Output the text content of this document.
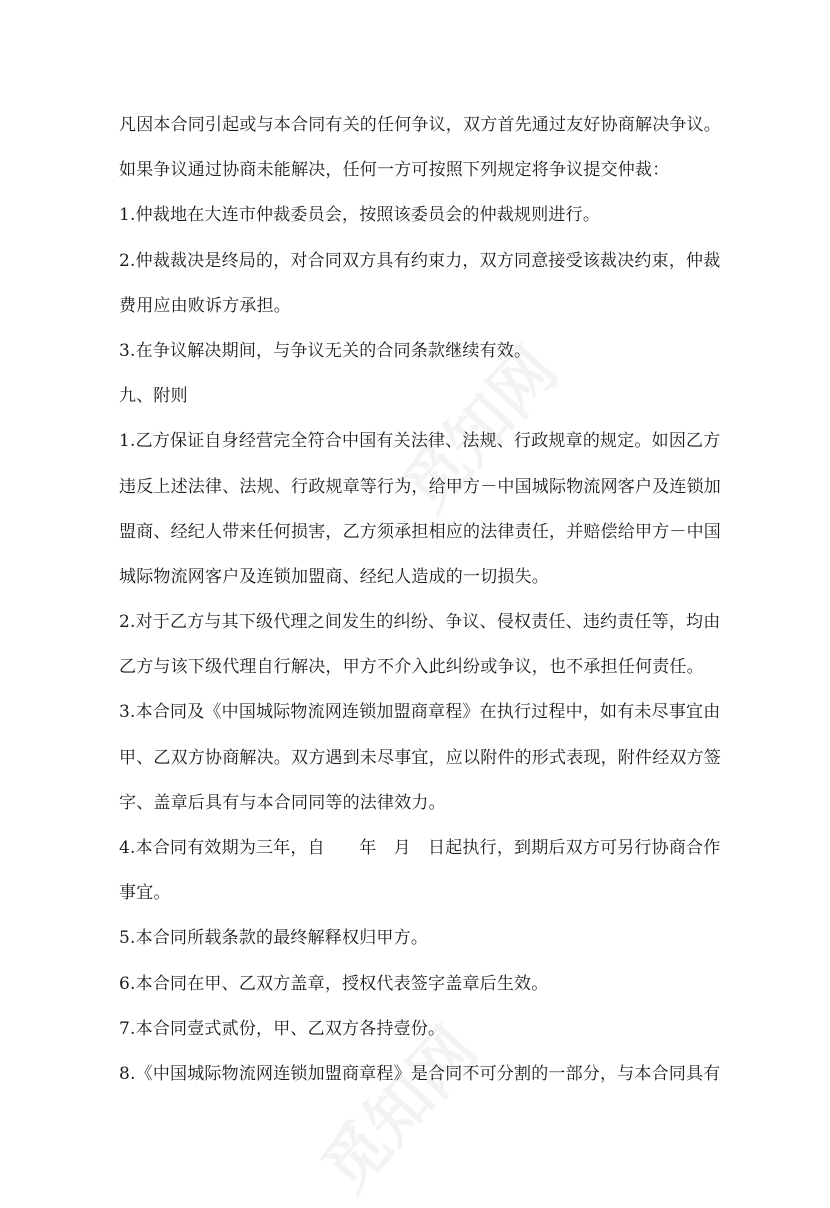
凡因本合同引起或与本合同有关的任何争议，双方首先通过友好协商解决争议。
如果争议通过协商未能解决，任何一方可按照下列规定将争议提交仲裁：
1.仲裁地在大连市仲裁委员会，按照该委员会的仲裁规则进行。
2.仲裁裁决是终局的，对合同双方具有约束力，双方同意接受该裁决约束，仲裁
费用应由败诉方承担。
3.在争议解决期间，与争议无关的合同条款继续有效。
九、附则
1.乙方保证自身经营完全符合中国有关法律、法规、行政规章的规定。如因乙方
违反上述法律、法规、行政规章等行为，给甲方－中国城际物流网客户及连锁加
盟商、经纪人带来任何损害，乙方须承担相应的法律责任，并赔偿给甲方－中国
城际物流网客户及连锁加盟商、经纪人造成的一切损失。
2.对于乙方与其下级代理之间发生的纠纷、争议、侵权责任、违约责任等，均由
乙方与该下级代理自行解决，甲方不介入此纠纷或争议，也不承担任何责任。
3.本合同及《中国城际物流网连锁加盟商章程》在执行过程中，如有未尽事宜由
甲、乙双方协商解决。双方遇到未尽事宜，应以附件的形式表现，附件经双方签
字、盖章后具有与本合同同等的法律效力。
4.本合同有效期为三年，自　　年　月　日起执行，到期后双方可另行协商合作
事宜。
5.本合同所载条款的最终解释权归甲方。
6.本合同在甲、乙双方盖章，授权代表签字盖章后生效。
7.本合同壹式贰份，甲、乙双方各持壹份。
8.《中国城际物流网连锁加盟商章程》是合同不可分割的一部分，与本合同具有
